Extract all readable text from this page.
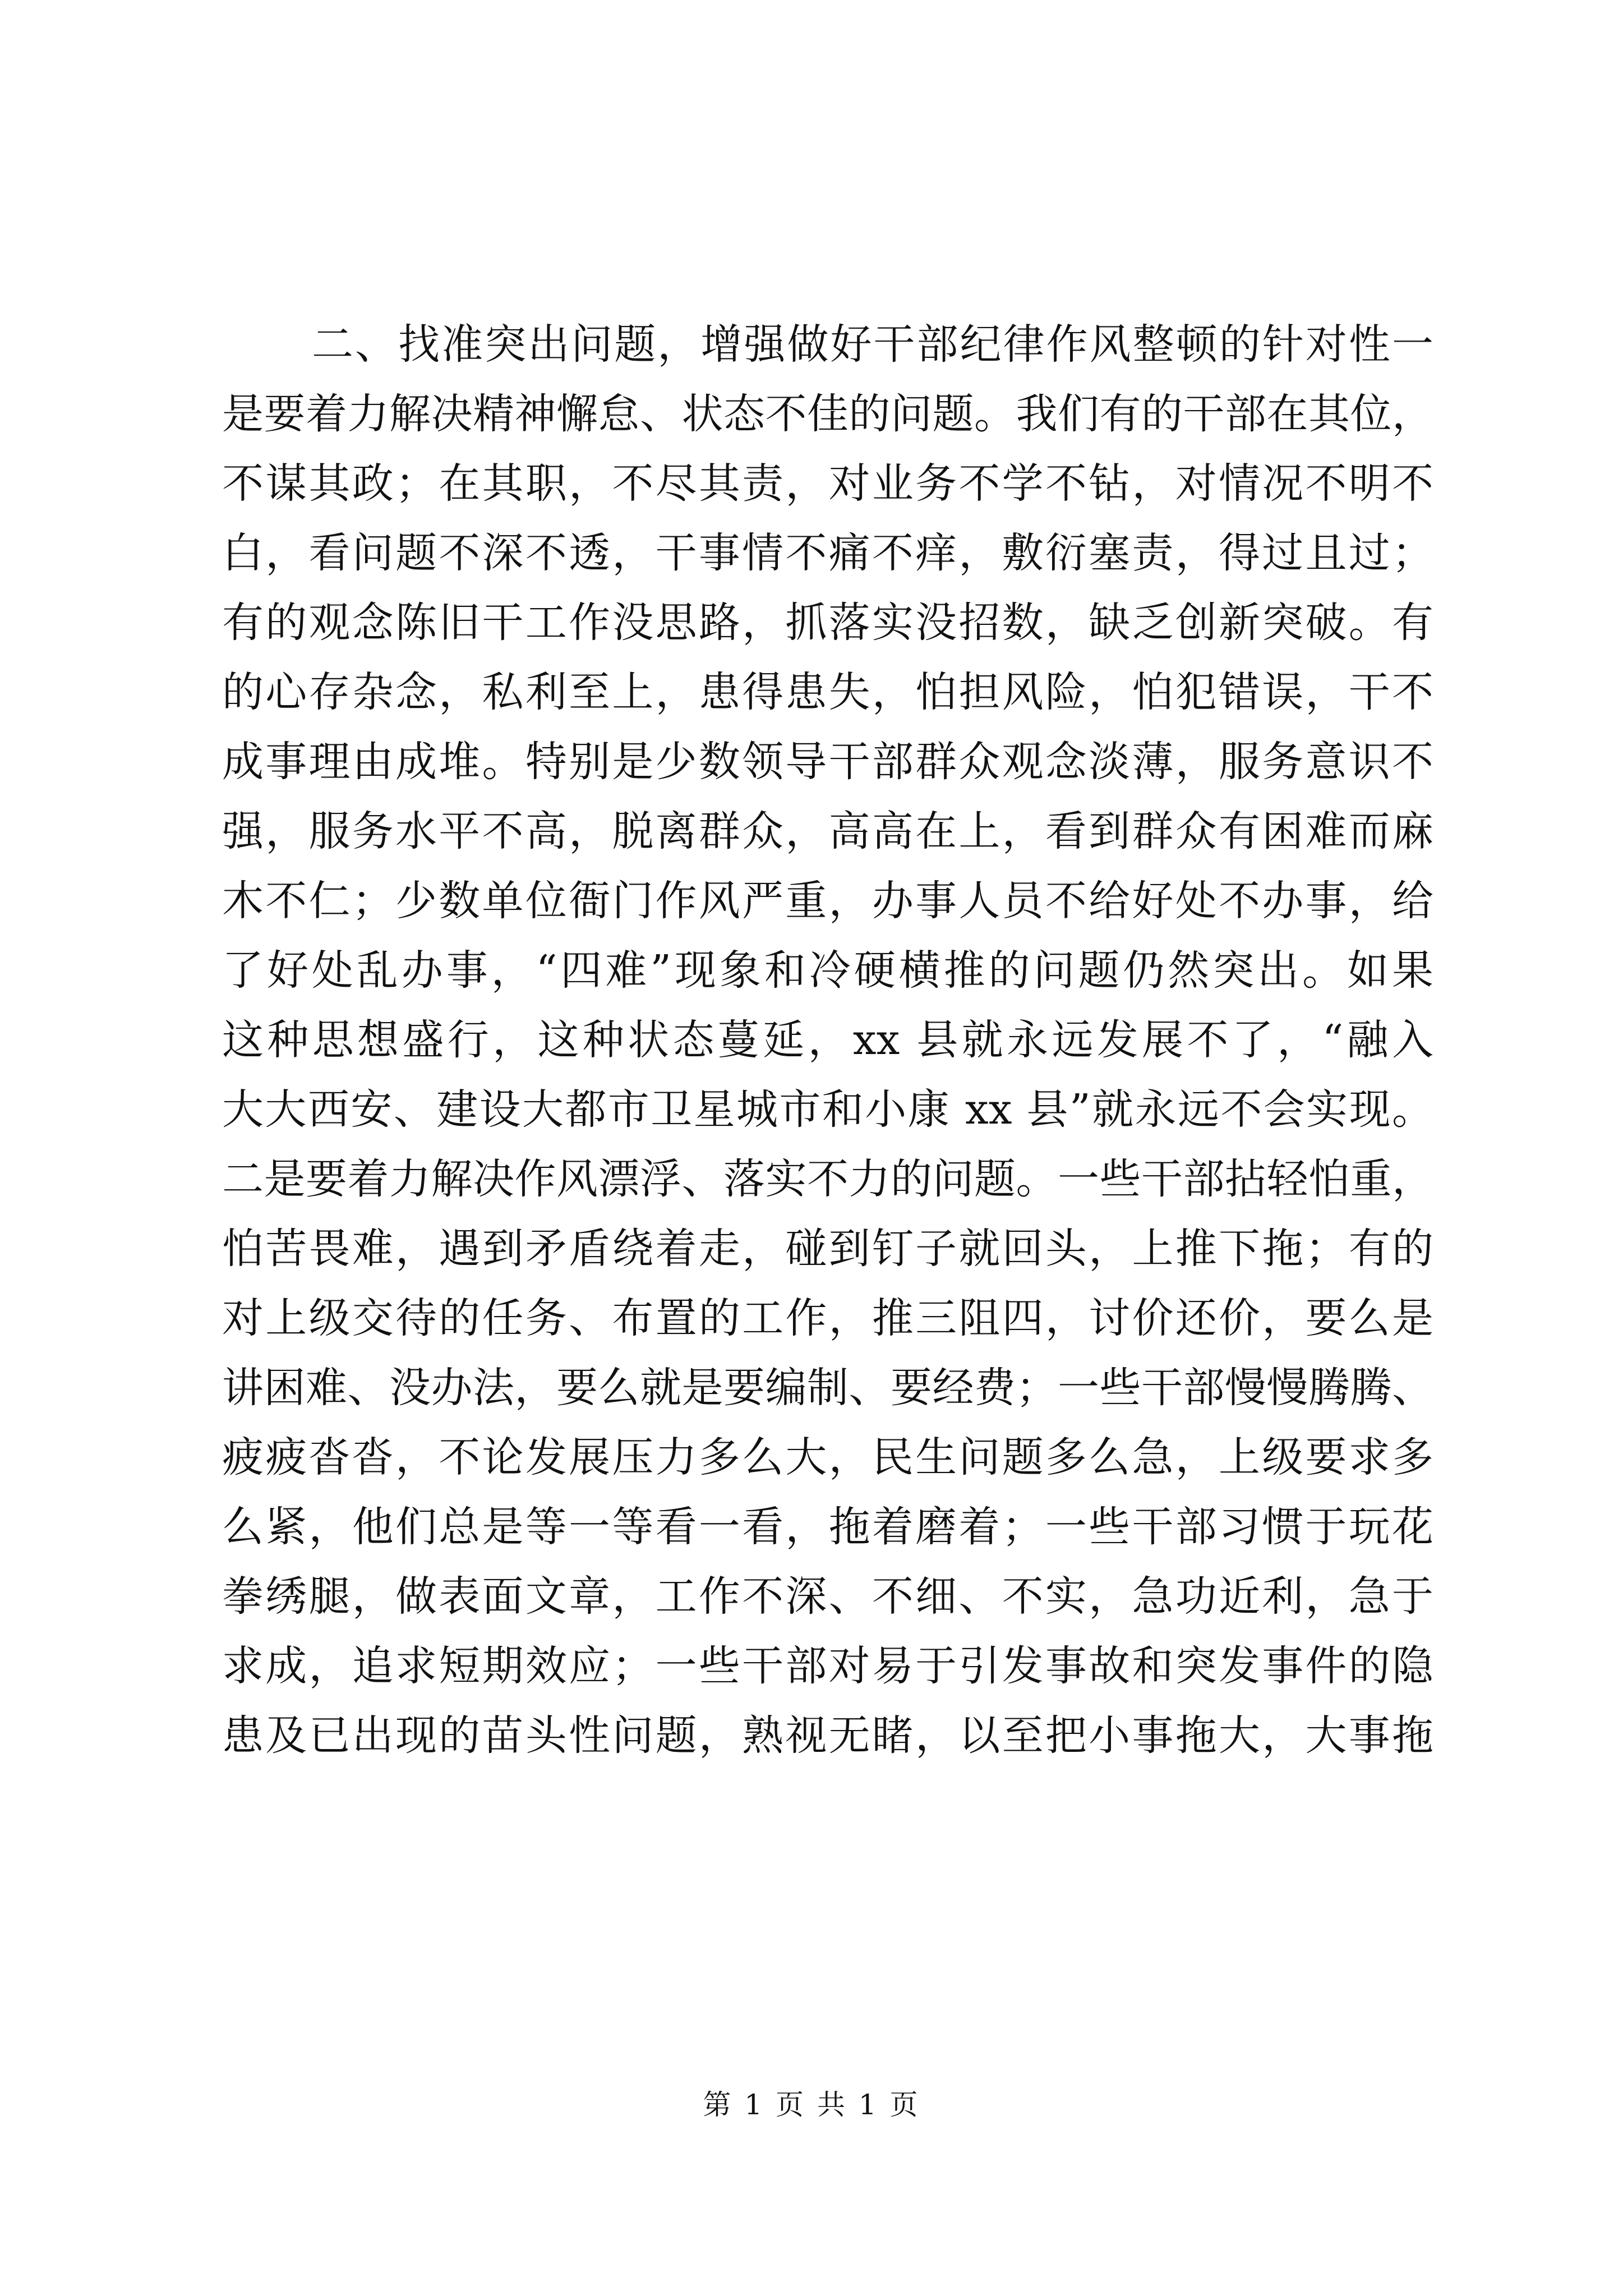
二、找准突出问题，增强做好干部纪律作风整顿的针对性一
是要着力解决精神懈怠、状态不佳的问题。我们有的干部在其位，
不谋其政；在其职，不尽其责，对业务不学不钻，对情况不明不
白，看问题不深不透，干事情不痛不痒，敷衍塞责，得过且过；
有的观念陈旧干工作没思路，抓落实没招数，缺乏创新突破。有
的心存杂念，私利至上，患得患失，怕担风险，怕犯错误，干不
成事理由成堆。特别是少数领导干部群众观念淡薄，服务意识不
强，服务水平不高，脱离群众，高高在上，看到群众有困难而麻
木不仁；少数单位衙门作风严重，办事人员不给好处不办事，给
了好处乱办事，“四难”现象和冷硬横推的问题仍然突出。如果
这种思想盛行，这种状态蔓延，xx 县就永远发展不了，“融入
大大西安、建设大都市卫星城市和小康 xx 县”就永远不会实现。
二是要着力解决作风漂浮、落实不力的问题。一些干部拈轻怕重，
怕苦畏难，遇到矛盾绕着走，碰到钉子就回头，上推下拖；有的
对上级交待的任务、布置的工作，推三阻四，讨价还价，要么是
讲困难、没办法，要么就是要编制、要经费；一些干部慢慢腾腾、
疲疲沓沓，不论发展压力多么大，民生问题多么急，上级要求多
么紧，他们总是等一等看一看，拖着磨着；一些干部习惯于玩花
拳绣腿，做表面文章，工作不深、不细、不实，急功近利，急于
求成，追求短期效应；一些干部对易于引发事故和突发事件的隐
患及已出现的苗头性问题，熟视无睹，以至把小事拖大，大事拖
第 1 页 共 1 页
